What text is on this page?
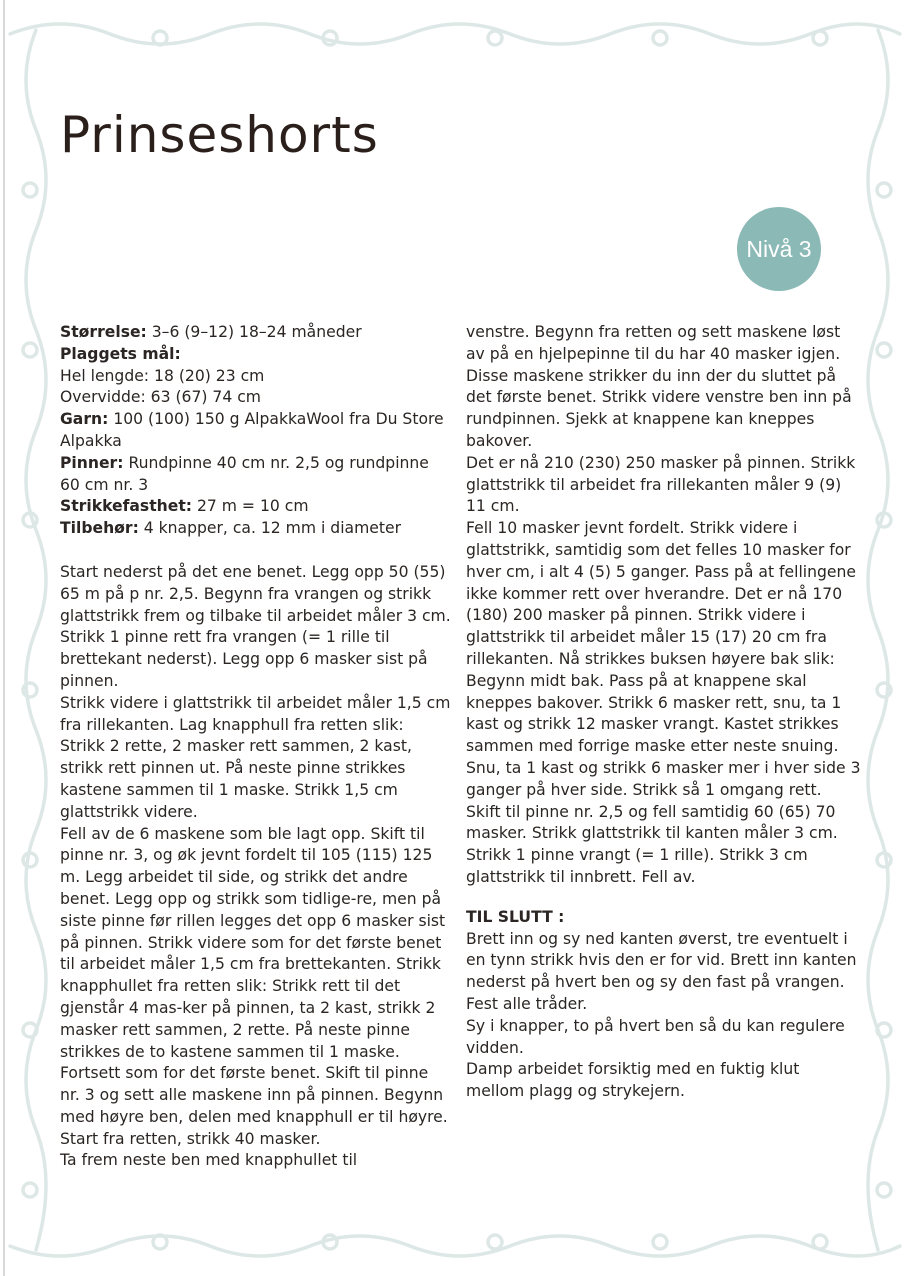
Prinseshorts
Nivå 3
Størrelse: 3–6 (9–12) 18–24 måneder
Plaggets mål:
Hel lengde: 18 (20) 23 cm
Overvidde: 63 (67) 74 cm
Garn: 100 (100) 150 g AlpakkaWool fra Du Store Alpakka
Pinner: Rundpinne 40 cm nr. 2,5 og rundpinne 60 cm nr. 3
Strikkefasthet: 27 m = 10 cm
Tilbehør: 4 knapper, ca. 12 mm i diameter

Start nederst på det ene benet. Legg opp 50 (55) 65 m på p nr. 2,5. Begynn fra vrangen og strikk glattstrikk frem og tilbake til arbeidet måler 3 cm. Strikk 1 pinne rett fra vrangen (= 1 rille til brettekant nederst). Legg opp 6 masker sist på pinnen.

Strikk videre i glattstrikk til arbeidet måler 1,5 cm fra rillekanten. Lag knapphull fra retten slik: Strikk 2 rette, 2 masker rett sammen, 2 kast, strikk rett pinnen ut. På neste pinne strikkes kastene sammen til 1 maske. Strikk 1,5 cm glattstrikk videre.

Fell av de 6 maskene som ble lagt opp. Skift til pinne nr. 3, og øk jevnt fordelt til 105 (115) 125 m. Legg arbeidet til side, og strikk det andre benet. Legg opp og strikk som tidlige-re, men på siste pinne før rillen legges det opp 6 masker sist på pinnen. Strikk videre som for det første benet til arbeidet måler 1,5 cm fra brettekanten. Strikk knapphullet fra retten slik: Strikk rett til det gjenstår 4 mas-ker på pinnen, ta 2 kast, strikk 2 masker rett sammen, 2 rette. På neste pinne strikkes de to kastene sammen til 1 maske. Fortsett som for det første benet. Skift til pinne nr. 3 og sett alle maskene inn på pinnen. Begynn med høyre ben, delen med knapphull er til høyre. Start fra retten, strikk 40 masker.

Ta frem neste ben med knapphullet til

venstre. Begynn fra retten og sett maskene løst av på en hjelpepinne til du har 40 masker igjen. Disse maskene strikker du inn der du sluttet på det første benet. Strikk videre venstre ben inn på rundpinnen. Sjekk at knappene kan kneppes bakover.

Det er nå 210 (230) 250 masker på pinnen. Strikk glattstrikk til arbeidet fra rillekanten måler 9 (9) 11 cm.

Fell 10 masker jevnt fordelt. Strikk videre i glattstrikk, samtidig som det felles 10 masker for hver cm, i alt 4 (5) 5 ganger. Pass på at fellingene ikke kommer rett over hverandre. Det er nå 170 (180) 200 masker på pinnen. Strikk videre i glattstrikk til arbeidet måler 15 (17) 20 cm fra rillekanten. Nå strikkes buksen høyere bak slik: Begynn midt bak. Pass på at knappene skal kneppes bakover. Strikk 6 masker rett, snu, ta 1 kast og strikk 12 masker vrangt. Kastet strikkes sammen med forrige maske etter neste snuing. Snu, ta 1 kast og strikk 6 masker mer i hver side 3 ganger på hver side. Strikk så 1 omgang rett. Skift til pinne nr. 2,5 og fell samtidig 60 (65) 70 masker. Strikk glattstrikk til kanten måler 3 cm. Strikk 1 pinne vrangt (= 1 rille). Strikk 3 cm glattstrikk til innbrett. Fell av.

TIL SLUTT :

Brett inn og sy ned kanten øverst, tre eventuelt i en tynn strikk hvis den er for vid. Brett inn kanten nederst på hvert ben og sy den fast på vrangen. Fest alle tråder.

Sy i knapper, to på hvert ben så du kan regulere vidden.

Damp arbeidet forsiktig med en fuktig klut mellom plagg og strykejern.
